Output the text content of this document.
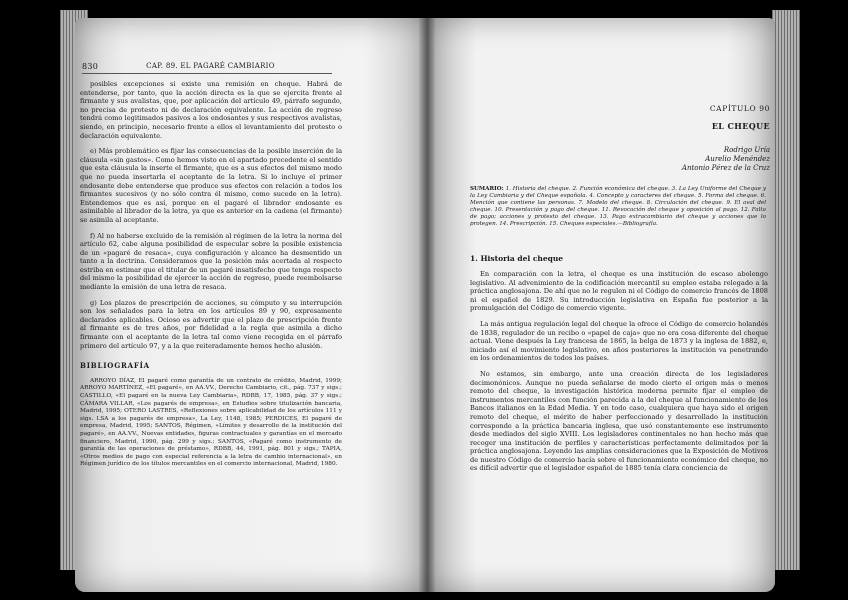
830	CAP. 89. EL PAGARÉ CAMBIARIO

posibles excepciones si existe una remisión en cheque. Habrá de entenderse, por tanto, que la acción directa es la que se ejercita frente al firmante y sus avalistas, que, por aplicación del artículo 49, párrafo segundo, no precisa de protesto ni de declaración equivalente. La acción de regreso tendrá como legitimados pasivos a los endosantes y sus respectivos avalistas, siendo, en principio, necesario frente a ellos el levantamiento del protesto o declaración equivalente.

e) Más problemático es fijar las consecuencias de la posible inserción de la cláusula «sin gastos». Como hemos visto en el apartado precedente el sentido que esta cláusula la inserte el firmante, que es a sus efectos del mismo modo que no pueda insertarla el aceptante de la letra. Si lo incluye el primer endosante debe entenderse que produce sus efectos con relación a todos los firmantes sucesivos (y no sólo contra él mismo, como sucede en la letra). Entendemos que es así, porque en el pagaré el librador endosante es asimilable al librador de la letra, ya que es anterior en la cadena (el firmante) se asimila al aceptante.

f) Al no haberse excluido de la remisión al régimen de la letra la norma del artículo 62, cabe alguna posibilidad de especular sobre la posible existencia de un «pagaré de resaca», cuya configuración y alcance ha desmentido un tanto a la doctrina. Consideramos que la posición más acertada al respecto estriba en estimar que el titular de un pagaré insatisfecho que tenga respecto del mismo la posibilidad de ejercer la acción de regreso, puede reembolsarse mediante la emisión de una letra de resaca.

g) Los plazos de prescripción de acciones, su cómputo y su interrupción son los señalados para la letra en los artículos 89 y 90, expresamente declarados aplicables. Ocioso es advertir que el plazo de prescripción frente al firmante es de tres años, por fidelidad a la regla que asimila a dicho firmante con el aceptante de la letra tal como viene recogida en el párrafo primero del artículo 97, y a la que reiteradamente hemos hecho alusión.

BIBLIOGRAFÍA

ARROYO DÍAZ, El pagaré como garantía de un contrato de crédito, Madrid, 1999; ARROYO MARTÍNEZ, «El pagaré», en AA.VV., Derecho Cambiario, cit., pág. 737 y sigs.; CASTILLO, «El pagaré en la nueva Ley Cambiaria», RDBB, 17, 1985, pág. 37 y sigs.; CÁMARA VILLAR, «Los pagarés de empresa», en Estudios sobre titulización bancaria, Madrid, 1995; OTERO LASTRES, «Reflexiones sobre aplicabilidad de los artículos 111 y sigs. LSA a los pagarés de empresa», La Ley, 1148, 1985; PERDICES, El pagaré de empresa, Madrid, 1995; SANTOS, Régimen, «Límites y desarrollo de la institución del pagaré», en AA.VV., Nuevas entidades, figuras contractuales y garantías en el mercado financiero, Madrid, 1990, pág. 299 y sigs.; SANTOS, «Pagaré como instrumento de garantía de las operaciones de préstamo», RDBB, 44, 1991, pág. 801 y sigs.; TAPIA, «Otros medios de pago con especial referencia a la letra de cambio internacional», en Régimen jurídico de los títulos mercantiles en el comercio internacional, Madrid, 1980.

CAPÍTULO 90
EL CHEQUE
Rodrigo Uría
Aurelio Menéndez
Antonio Pérez de la Cruz
SUMARIO: 1. Historia del cheque. 2. Función económica del cheque. 3. La Ley Uniforme del Cheque y la Ley Cambiaria y del Cheque española. 4. Concepto y caracteres del cheque. 5. Forma del cheque. 6. Mención que contiene las personas. 7. Modelo del cheque. 8. Circulación del cheque. 9. El aval del cheque. 10. Presentación y pago del cheque. 11. Revocación del cheque y oposición al pago. 12. Falta de pago; acciones y protesto del cheque. 13. Pago extracambiario del cheque y acciones que lo protegen. 14. Prescripción. 15. Cheques especiales.—Bibliografía.
1. Historia del cheque

En comparación con la letra, el cheque es una institución de escaso abolengo legislativo. Al advenimiento de la codificación mercantil su empleo estaba relegado a la práctica anglosajona. De ahí que no le regulen ni el Código de comercio francés de 1808 ni el español de 1829. Su introducción legislativa en España fue posterior a la promulgación del Código de comercio vigente.

La más antigua regulación legal del cheque la ofrece el Código de comercio holandés de 1838, regulador de un recibo o «papel de caja» que no era cosa diferente del cheque actual. Viene después la Ley francesa de 1865, la belga de 1873 y la inglesa de 1882, e, iniciado así el movimiento legislativo, en años posteriores la institución va penetrando en los ordenamientos de todos los países.

No estamos, sin embargo, ante una creación directa de los legisladores decimonónicos. Aunque no pueda señalarse de modo cierto el origen más o menos remoto del cheque, la investigación histórica moderna permite fijar el empleo de instrumentos mercantiles con función parecida a la del cheque al funcionamiento de los Bancos italianos en la Edad Media. Y en todo caso, cualquiera que haya sido el origen remoto del cheque, el mérito de haber perfeccionado y desarrollado la institución corresponde a la práctica bancaria inglesa, que usó constantemente ese instrumento desde mediados del siglo XVIII. Los legisladores continentales no han hecho más que recoger una institución de perfiles y características perfectamente delimitados por la práctica anglosajona. Leyendo las amplias consideraciones que la Exposición de Motivos de nuestro Código de comercio hacía sobre el funcionamiento económico del cheque, no es difícil advertir que el legislador español de 1885 tenía clara conciencia de
